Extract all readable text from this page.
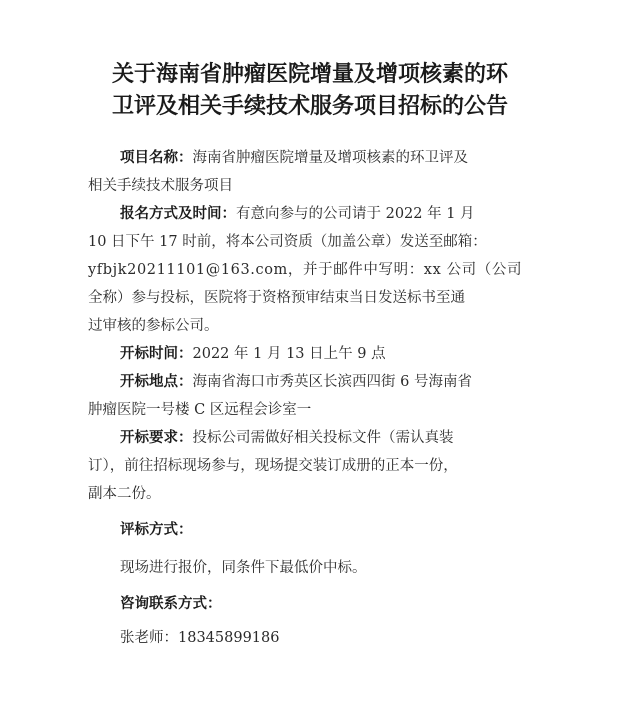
关于海南省肿瘤医院增量及增项核素的环
卫评及相关手续技术服务项目招标的公告
项目名称：海南省肿瘤医院增量及增项核素的环卫评及
相关手续技术服务项目
报名方式及时间：有意向参与的公司请于 2022 年 1 月
10 日下午 17 时前，将本公司资质（加盖公章）发送至邮箱：
yfbjk20211101@163.com，并于邮件中写明：xx 公司（公司
全称）参与投标，医院将于资格预审结束当日发送标书至通
过审核的参标公司。
开标时间：2022 年 1 月 13 日上午 9 点
开标地点：海南省海口市秀英区长滨西四街 6 号海南省
肿瘤医院一号楼 C 区远程会诊室一
开标要求：投标公司需做好相关投标文件（需认真装
订），前往招标现场参与，现场提交装订成册的正本一份，
副本二份。
评标方式：
现场进行报价，同条件下最低价中标。
咨询联系方式：
张老师：18345899186
